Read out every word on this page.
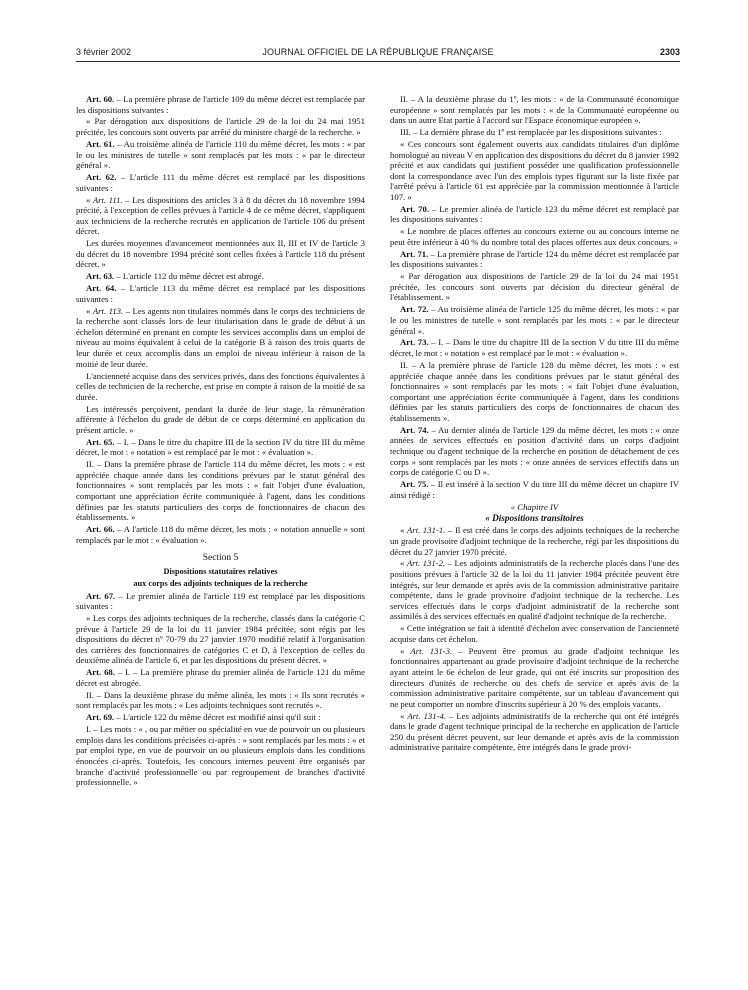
3 février 2002	JOURNAL OFFICIEL DE LA RÉPUBLIQUE FRANÇAISE	2303

Art. 60. – La première phrase de l'article 109 du même décret est remplacée par les dispositions suivantes :

« Par dérogation aux dispositions de l'article 29 de la loi du 24 mai 1951 précitée, les concours sont ouverts par arrêté du ministre chargé de la recherche. »

Art. 61. – Au troisième alinéa de l'article 110 du même décret, les mots : « par le ou les ministres de tutelle » sont remplacés par les mots : « par le directeur général ».

Art. 62. – L'article 111 du même décret est remplacé par les dispositions suivantes :

« Art. 111. – Les dispositions des articles 3 à 8 du décret du 18 novembre 1994 précité, à l'exception de celles prévues à l'article 4 de ce même décret, s'appliquent aux techniciens de la recherche recrutés en application de l'article 106 du présent décret.

Les durées moyennes d'avancement mentionnées aux II, III et IV de l'article 3 du décret du 18 novembre 1994 précité sont celles fixées à l'article 118 du présent décret. »

Art. 63. – L'article 112 du même décret est abrogé.

Art. 64. – L'article 113 du même décret est remplacé par les dispositions suivantes :

« Art. 113. – Les agents non titulaires nommés dans le corps des techniciens de la recherche sont classés lors de leur titularisation dans le grade de début à un échelon déterminé en prenant en compte les services accomplis dans un emploi de niveau au moins équivalent à celui de la catégorie B à raison des trois quarts de leur durée et ceux accomplis dans un emploi de niveau inférieur à raison de la moitié de leur durée.

L'ancienneté acquise dans des services privés, dans des fonctions équivalentes à celles de technicien de la recherche, est prise en compte à raison de la moitié de sa durée.

Les intéressés perçoivent, pendant la durée de leur stage, la rémunération afférente à l'échelon du grade de début de ce corps déterminé en application du présent article. »

Art. 65. – I. – Dans le titre du chapitre III de la section IV du titre III du même décret, le mot : « notation » est remplacé par le mot : « évaluation ».

II. – Dans la première phrase de l'article 114 du même décret, les mots : « est appréciée chaque année dans les conditions prévues par le statut général des fonctionnaires » sont remplacés par les mots : « fait l'objet d'une évaluation, comportant une appréciation écrite communiquée à l'agent, dans les conditions définies par les statuts particuliers des corps de fonctionnaires de chacun des établissements. »

Art. 66. – A l'article 118 du même décret, les mots : « notation annuelle » sont remplacés par le mot : « évaluation ».

Section 5

Dispositions statutaires relatives

aux corps des adjoints techniques de la recherche

Art. 67. – Le premier alinéa de l'article 119 est remplacé par les dispositions suivantes :

« Les corps des adjoints techniques de la recherche, classés dans la catégorie C prévue à l'article 29 de la loi du 11 janvier 1984 précitée, sont régis par les dispositions du décret nº 70-79 du 27 janvier 1970 modifié relatif à l'organisation des carrières des fonctionnaires de catégories C et D, à l'exception de celles du deuxième alinéa de l'article 6, et par les dispositions du présent décret. »

Art. 68. – I. – La première phrase du premier alinéa de l'article 121 du même décret est abrogée.

II. – Dans la deuxième phrase du même alinéa, les mots : « Ils sont recrutés » sont remplacés par les mots : « Les adjoints techniques sont recrutés ».

Art. 69. – L'article 122 du même décret est modifié ainsi qu'il suit :

I. – Les mots : « , ou par métier ou spécialité en vue de pourvoir un ou plusieurs emplois dans les conditions précisées ci-après : » sont remplacés par les mots : « et par emploi type, en vue de pourvoir un ou plusieurs emplois dans les conditions énoncées ci-après. Toutefois, les concours internes peuvent être organisés par branche d'activité professionnelle ou par regroupement de branches d'activité professionnelle. »

II. – A la deuxième phrase du 1º, les mots : « de la Communauté économique européenne » sont remplacés par les mots : « de la Communauté européenne ou dans un autre Etat partie à l'accord sur l'Espace économique européen ».

III. – La dernière phrase du 1º est remplacée par les dispositions suivantes :

« Ces concours sont également ouverts aux candidats titulaires d'un diplôme homologué au niveau V en application des dispositions du décret du 8 janvier 1992 précité et aux candidats qui justifient posséder une qualification professionnelle dont la correspondance avec l'un des emplois types figurant sur la liste fixée par l'arrêté prévu à l'article 61 est appréciée par la commission mentionnée à l'article 107. »

Art. 70. – Le premier alinéa de l'article 123 du même décret est remplacé par les dispositions suivantes :

« Le nombre de places offertes au concours externe ou au concours interne ne peut être inférieur à 40 % du nombre total des places offertes aux deux concours. »

Art. 71. – La première phrase de l'article 124 du même décret est remplacée par les dispositions suivantes :

« Par dérogation aux dispositions de l'article 29 de la loi du 24 mai 1951 précitée, les concours sont ouverts par décision du directeur général de l'établissement. »

Art. 72. – Au troisième alinéa de l'article 125 du même décret, les mots : « par le ou les ministres de tutelle » sont remplacés par les mots : « par le directeur général ».

Art. 73. – I. – Dans le titre du chapitre III de la section V du titre III du même décret, le mot : « notation » est remplacé par le mot : « évaluation ».

II. – A la première phrase de l'article 128 du même décret, les mots : « est appréciée chaque année dans les conditions prévues par le statut général des fonctionnaires » sont remplacés par les mots : « fait l'objet d'une évaluation, comportant une appréciation écrite communiquée à l'agent, dans les conditions définies par les statuts particuliers des corps de fonctionnaires de chacun des établissements ».

Art. 74. – Au dernier alinéa de l'article 129 du même décret, les mots : « onze années de services effectués en position d'activité dans un corps d'adjoint technique ou d'agent technique de la recherche en position de détachement de ces corps » sont remplacés par les mots : « onze années de services effectifs dans un corps de catégorie C ou D ».

Art. 75. – Il est inséré à la section V du titre III du même décret un chapitre IV ainsi rédigé :

« Chapitre IV

« Dispositions transitoires

« Art. 131-1. – Il est créé dans le corps des adjoints techniques de la recherche un grade provisoire d'adjoint technique de la recherche, régi par les dispositions du décret du 27 janvier 1970 précité.

« Art. 131-2. – Les adjoints administratifs de la recherche placés dans l'une des positions prévues à l'article 32 de la loi du 11 janvier 1984 précitée peuvent être intégrés, sur leur demande et après avis de la commission administrative paritaire compétente, dans le grade provisoire d'adjoint technique de la recherche. Les services effectués dans le corps d'adjoint administratif de la recherche sont assimilés à des services effectués en qualité d'adjoint technique de la recherche.

« Cette intégration se fait à identité d'échelon avec conservation de l'ancienneté acquise dans cet échelon.

« Art. 131-3. – Peuvent être promus au grade d'adjoint technique les fonctionnaires appartenant au grade provisoire d'adjoint technique de la recherche ayant atteint le 6e échelon de leur grade, qui ont été inscrits sur proposition des directeurs d'unités de recherche ou des chefs de service et après avis de la commission administrative paritaire compétente, sur un tableau d'avancement qui ne peut comporter un nombre d'inscrits supérieur à 20 % des emplois vacants.

« Art. 131-4. – Les adjoints administratifs de la recherche qui ont été intégrés dans le grade d'agent technique principal de la recherche en application de l'article 250 du présent décret peuvent, sur leur demande et après avis de la commission administrative paritaire compétente, être intégrés dans le grade provi-
